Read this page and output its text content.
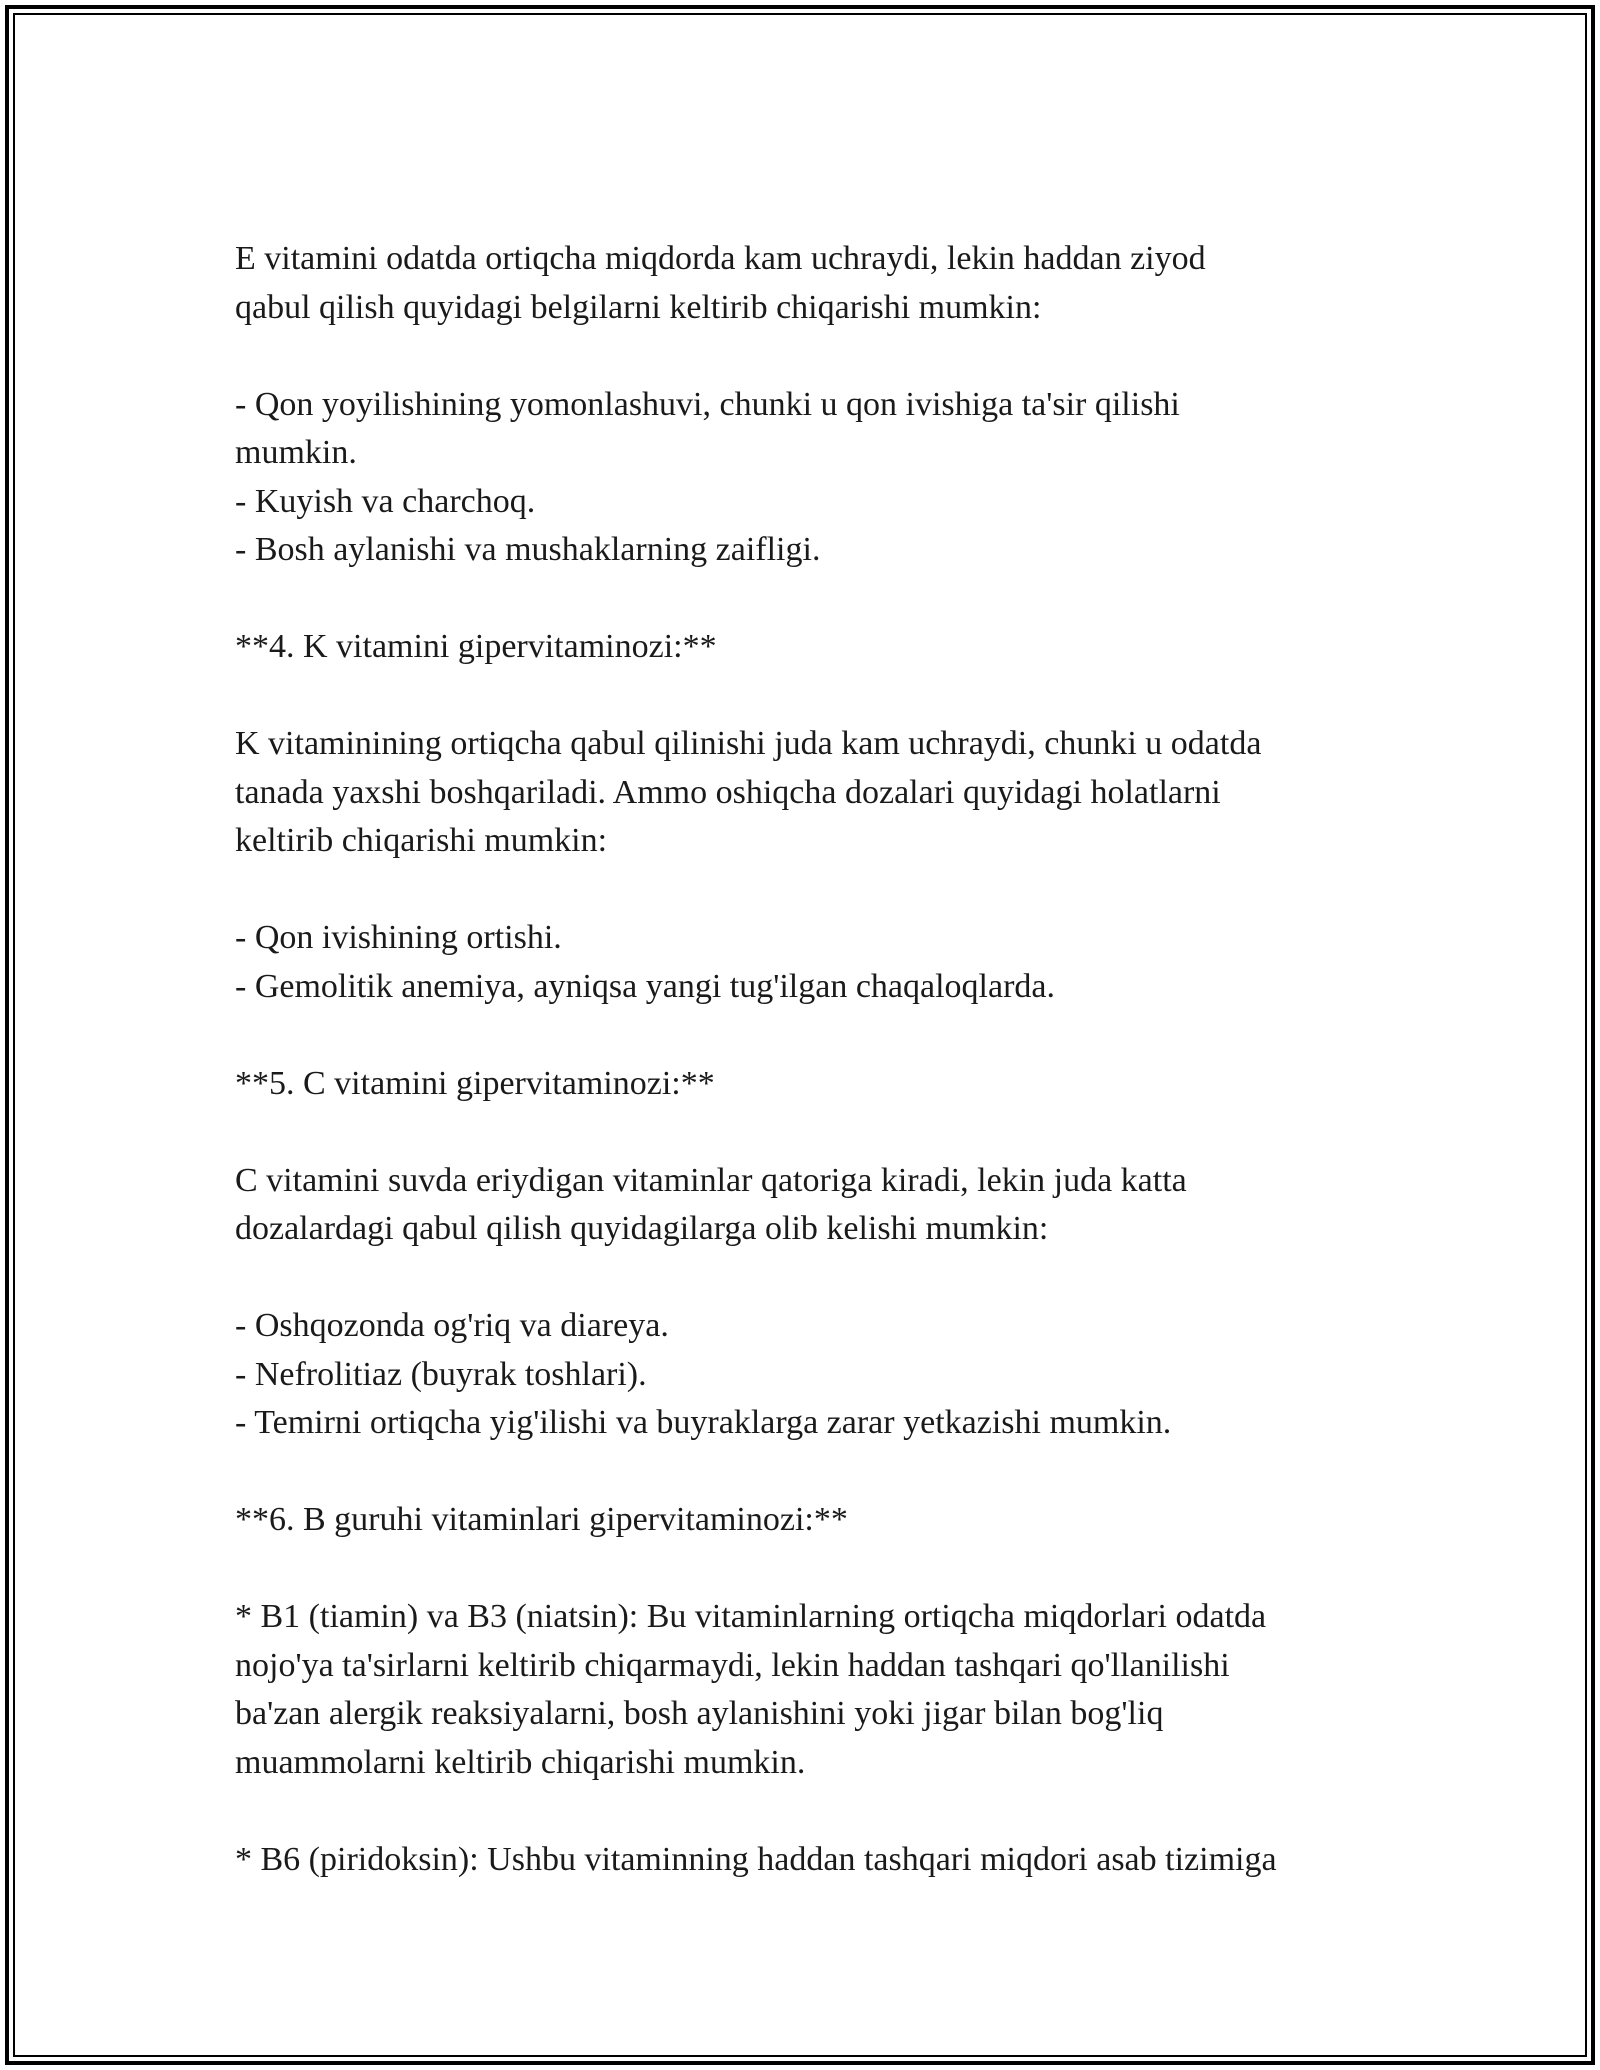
E vitamini odatda ortiqcha miqdorda kam uchraydi, lekin haddan ziyod

qabul qilish quyidagi belgilarni keltirib chiqarishi mumkin:

- Qon yoyilishining yomonlashuvi, chunki u qon ivishiga ta'sir qilishi

mumkin.

- Kuyish va charchoq.

- Bosh aylanishi va mushaklarning zaifligi.

**4. K vitamini gipervitaminozi:**

K vitaminining ortiqcha qabul qilinishi juda kam uchraydi, chunki u odatda

tanada yaxshi boshqariladi. Ammo oshiqcha dozalari quyidagi holatlarni

keltirib chiqarishi mumkin:

- Qon ivishining ortishi.

- Gemolitik anemiya, ayniqsa yangi tug'ilgan chaqaloqlarda.

**5. C vitamini gipervitaminozi:**

C vitamini suvda eriydigan vitaminlar qatoriga kiradi, lekin juda katta

dozalardagi qabul qilish quyidagilarga olib kelishi mumkin:

- Oshqozonda og'riq va diareya.

- Nefrolitiaz (buyrak toshlari).

- Temirni ortiqcha yig'ilishi va buyraklarga zarar yetkazishi mumkin.

**6. B guruhi vitaminlari gipervitaminozi:**

* B1 (tiamin) va B3 (niatsin): Bu vitaminlarning ortiqcha miqdorlari odatda

nojo'ya ta'sirlarni keltirib chiqarmaydi, lekin haddan tashqari qo'llanilishi

ba'zan alergik reaksiyalarni, bosh aylanishini yoki jigar bilan bog'liq

muammolarni keltirib chiqarishi mumkin.

* B6 (piridoksin): Ushbu vitaminning haddan tashqari miqdori asab tizimiga
